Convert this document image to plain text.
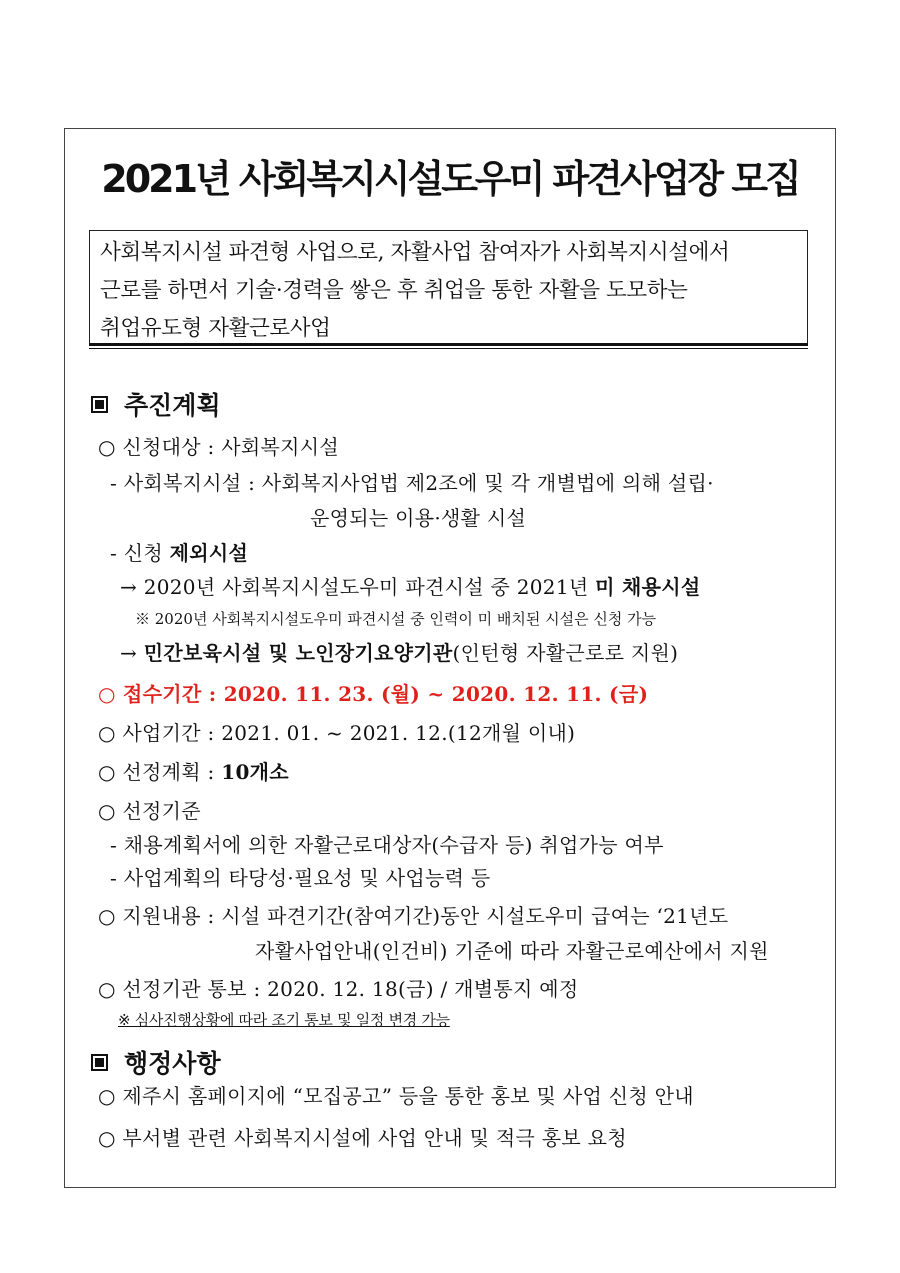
2021년 사회복지시설도우미 파견사업장 모집
사회복지시설 파견형 사업으로, 자활사업 참여자가 사회복지시설에서
근로를 하면서 기술·경력을 쌓은 후 취업을 통한 자활을 도모하는
취업유도형 자활근로사업
추진계획
○ 신청대상 : 사회복지시설
- 사회복지시설 : 사회복지사업법 제2조에 및 각 개별법에 의해 설립·
운영되는 이용·생활 시설
- 신청 제외시설
→ 2020년 사회복지시설도우미 파견시설 중 2021년 미 채용시설
※ 2020년 사회복지시설도우미 파견시설 중 인력이 미 배치된 시설은 신청 가능
→ 민간보육시설 및 노인장기요양기관(인턴형 자활근로로 지원)
○ 접수기간 : 2020. 11. 23. (월) ~ 2020. 12. 11. (금)
○ 사업기간 : 2021. 01. ~ 2021. 12.(12개월 이내)
○ 선정계획 : 10개소
○ 선정기준
- 채용계획서에 의한 자활근로대상자(수급자 등) 취업가능 여부
- 사업계획의 타당성·필요성 및 사업능력 등
○ 지원내용 : 시설 파견기간(참여기간)동안 시설도우미 급여는 ‘21년도
자활사업안내(인건비) 기준에 따라 자활근로예산에서 지원
○ 선정기관 통보 : 2020. 12. 18(금) / 개별통지 예정
※ 심사진행상황에 따라 조기 통보 및 일정 변경 가능
행정사항
○ 제주시 홈페이지에 “모집공고” 등을 통한 홍보 및 사업 신청 안내
○ 부서별 관련 사회복지시설에 사업 안내 및 적극 홍보 요청
